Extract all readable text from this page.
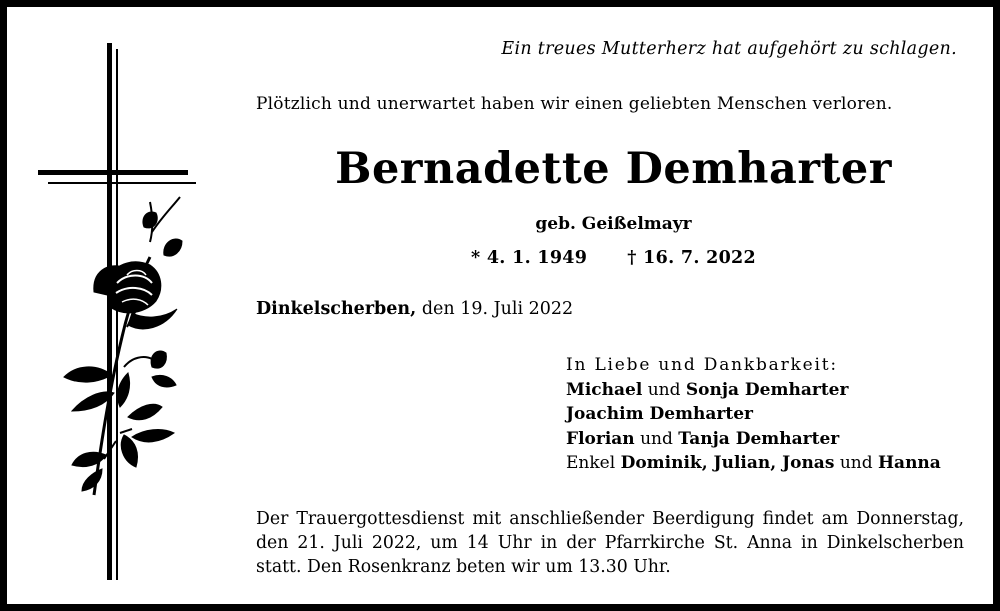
Ein treues Mutterherz hat aufgehört zu schlagen.
Plötzlich und unerwartet haben wir einen geliebten Menschen verloren.
Bernadette Demharter
geb. Geißelmayr
* 4. 1. 1949 † 16. 7. 2022
Dinkelscherben, den 19. Juli 2022
In Liebe und Dankbarkeit:
Michael und Sonja Demharter
Joachim Demharter
Florian und Tanja Demharter
Enkel Dominik, Julian, Jonas und Hanna
Der Trauergottesdienst mit anschließender Beerdigung findet am Donnerstag, den 21. Juli 2022, um 14 Uhr in der Pfarrkirche St. Anna in Dinkelscherben statt. Den Rosenkranz beten wir um 13.30 Uhr.
